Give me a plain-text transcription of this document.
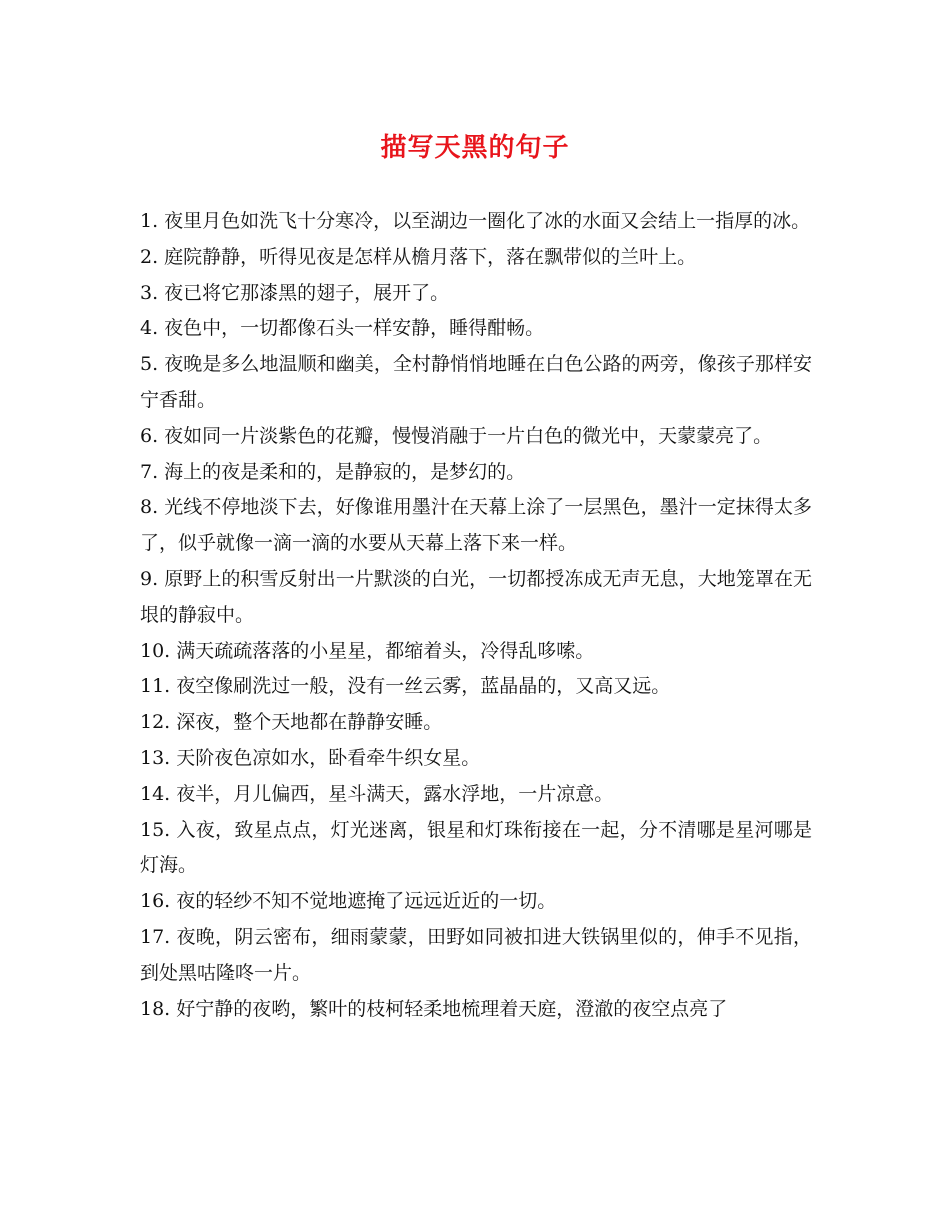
描写天黑的句子
1. 夜里月色如洗飞十分寒冷，以至湖边一圈化了冰的水面又会结上一指厚的冰。
2. 庭院静静，听得见夜是怎样从檐月落下，落在飘带似的兰叶上。
3. 夜已将它那漆黑的翅子，展开了。
4. 夜色中，一切都像石头一样安静，睡得酣畅。
5. 夜晚是多么地温顺和幽美，全村静悄悄地睡在白色公路的两旁，像孩子那样安宁香甜。
6. 夜如同一片淡紫色的花瓣，慢慢消融于一片白色的微光中，天蒙蒙亮了。
7. 海上的夜是柔和的，是静寂的，是梦幻的。
8. 光线不停地淡下去，好像谁用墨汁在天幕上涂了一层黑色，墨汁一定抹得太多了，似乎就像一滴一滴的水要从天幕上落下来一样。
9. 原野上的积雪反射出一片默淡的白光，一切都授冻成无声无息，大地笼罩在无垠的静寂中。
10. 满天疏疏落落的小星星，都缩着头，冷得乱哆嗦。
11. 夜空像刷洗过一般，没有一丝云雾，蓝晶晶的，又高又远。
12. 深夜，整个天地都在静静安睡。
13. 天阶夜色凉如水，卧看牵牛织女星。
14. 夜半，月儿偏西，星斗满天，露水浮地，一片凉意。
15. 入夜，致星点点，灯光迷离，银星和灯珠衔接在一起，分不清哪是星河哪是灯海。
16. 夜的轻纱不知不觉地遮掩了远远近近的一切。
17. 夜晚，阴云密布，细雨蒙蒙，田野如同被扣进大铁锅里似的，伸手不见指，到处黑咕隆咚一片。
18. 好宁静的夜哟，繁叶的枝柯轻柔地梳理着天庭，澄澈的夜空点亮了
